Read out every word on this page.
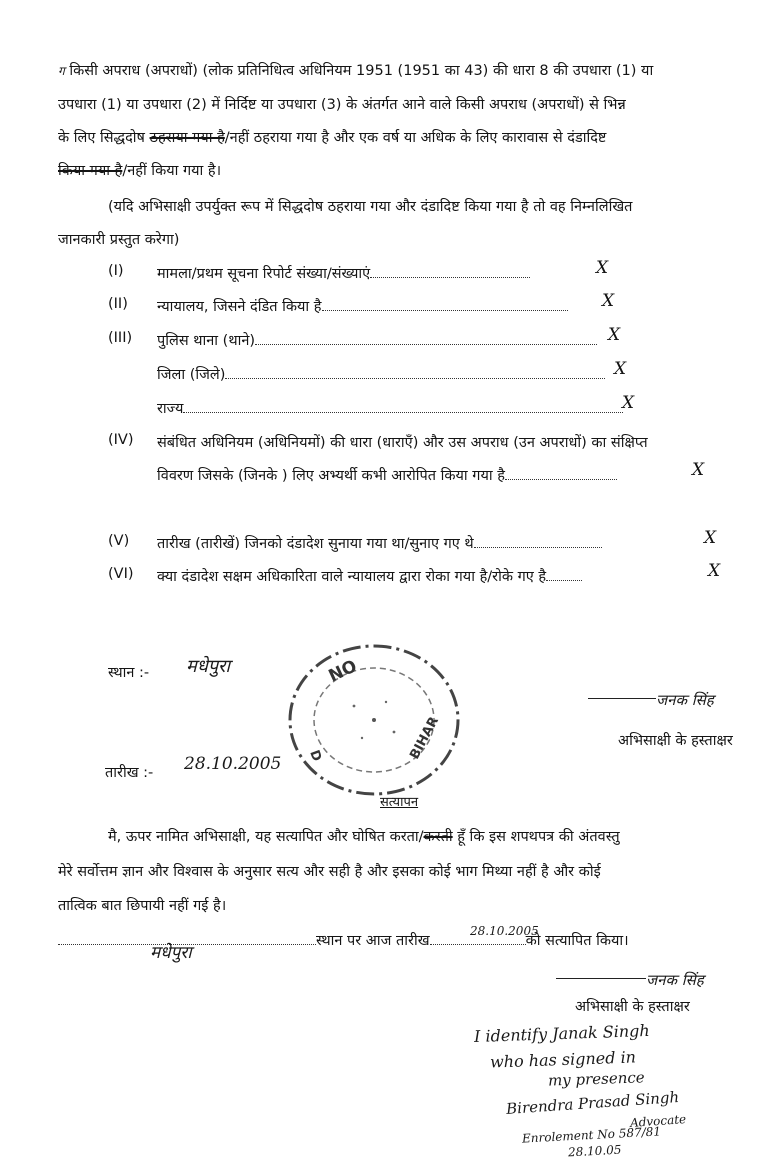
ग किसी अपराध (अपराधों) (लोक प्रतिनिधित्व अधिनियम 1951 (1951 का 43) की धारा 8 की उपधारा (1) या
उपधारा (1) या उपधारा (2) में निर्दिष्ट या उपधारा (3) के अंतर्गत आने वाले किसी अपराध (अपराधों) से भिन्न
के लिए सिद्धदोष ठहराया गया है/नहीं ठहराया गया है और एक वर्ष या अधिक के लिए कारावास से दंडादिष्ट
किया गया है/नहीं किया गया है।
(यदि अभिसाक्षी उपर्युक्त रूप में सिद्धदोष ठहराया गया और दंडादिष्ट किया गया है तो वह निम्नलिखित
जानकारी प्रस्तुत करेगा)
(I) मामला/प्रथम सूचना रिपोर्ट संख्या/संख्याएं	X
(II) न्यायालय, जिसने दंडित किया है	X
(III) पुलिस थाना (थाने)	X
जिला (जिले)	X
राज्य	X
(IV) संबंधित अधिनियम (अधिनियमों) की धारा (धाराएँ) और उस अपराध (उन अपराधों) का संक्षिप्त
विवरण जिसके (जिनके ) लिए अभ्यर्थी कभी आरोपित किया गया है	X
(V) तारीख (तारीखें) जिनको दंडादेश सुनाया गया था/सुनाए गए थे	X
(VI) क्या दंडादेश सक्षम अधिकारिता वाले न्यायालय द्वारा रोका गया है/रोके गए है	X
स्थान :- मधेपुरा
तारीख :- 28.10.2005
NO
BIHAR
D
जनक सिंह
अभिसाक्षी के हस्ताक्षर
सत्यापन
मै, ऊपर नामित अभिसाक्षी, यह सत्यापित और घोषित करता/करती हूँ कि इस शपथपत्र की अंतवस्तु
मेरे सर्वोत्तम ज्ञान और विश्वास के अनुसार सत्य और सही है और इसका कोई भाग मिथ्या नहीं है और कोई
तात्विक बात छिपायी नहीं गई है।
स्थान पर आज तारीख	को सत्यापित किया।
मधेपुरा
28.10.2005
जनक सिंह
अभिसाक्षी के हस्ताक्षर
I identify Janak Singh
who has signed in
my presence
Birendra Prasad Singh
Advocate
Enrolement No 587/81
28.10.05
